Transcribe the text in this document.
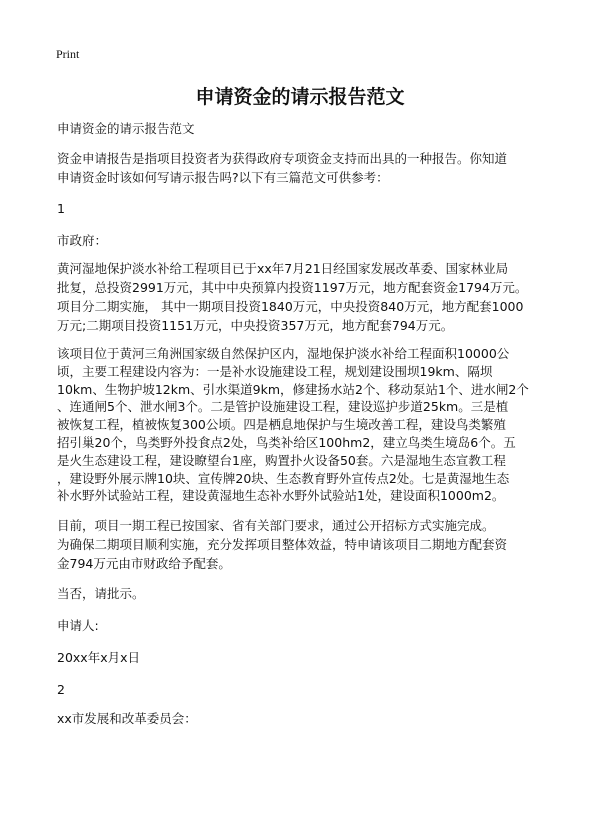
Print
申请资金的请示报告范文
申请资金的请示报告范文
资金申请报告是指项目投资者为获得政府专项资金支持而出具的一种报告。你知道
申请资金时该如何写请示报告吗?以下有三篇范文可供参考：
1
市政府：
黄河湿地保护淡水补给工程项目已于xx年7月21日经国家发展改革委、国家林业局
批复，总投资2991万元，其中中央预算内投资1197万元，地方配套资金1794万元。
项目分二期实施， 其中一期项目投资1840万元，中央投资840万元，地方配套1000
万元;二期项目投资1151万元，中央投资357万元，地方配套794万元。
该项目位于黄河三角洲国家级自然保护区内，湿地保护淡水补给工程面积10000公
顷，主要工程建设内容为：一是补水设施建设工程，规划建设围坝19km、隔坝
10km、生物护坡12km、引水渠道9km，修建扬水站2个、移动泵站1个、进水闸2个
、连通闸5个、泄水闸3个。二是管护设施建设工程，建设巡护步道25km。三是植
被恢复工程，植被恢复300公顷。四是栖息地保护与生境改善工程，建设鸟类繁殖
招引巢20个，鸟类野外投食点2处，鸟类补给区100hm2，建立鸟类生境岛6个。五
是火生态建设工程，建设瞭望台1座，购置扑火设备50套。六是湿地生态宣教工程
，建设野外展示牌10块、宣传牌20块、生态教育野外宣传点2处。七是黄湿地生态
补水野外试验站工程，建设黄湿地生态补水野外试验站1处，建设面积1000m2。
目前，项目一期工程已按国家、省有关部门要求，通过公开招标方式实施完成。
为确保二期项目顺利实施，充分发挥项目整体效益，特申请该项目二期地方配套资
金794万元由市财政给予配套。
当否，请批示。
申请人:
20xx年x月x日
2
xx市发展和改革委员会：
